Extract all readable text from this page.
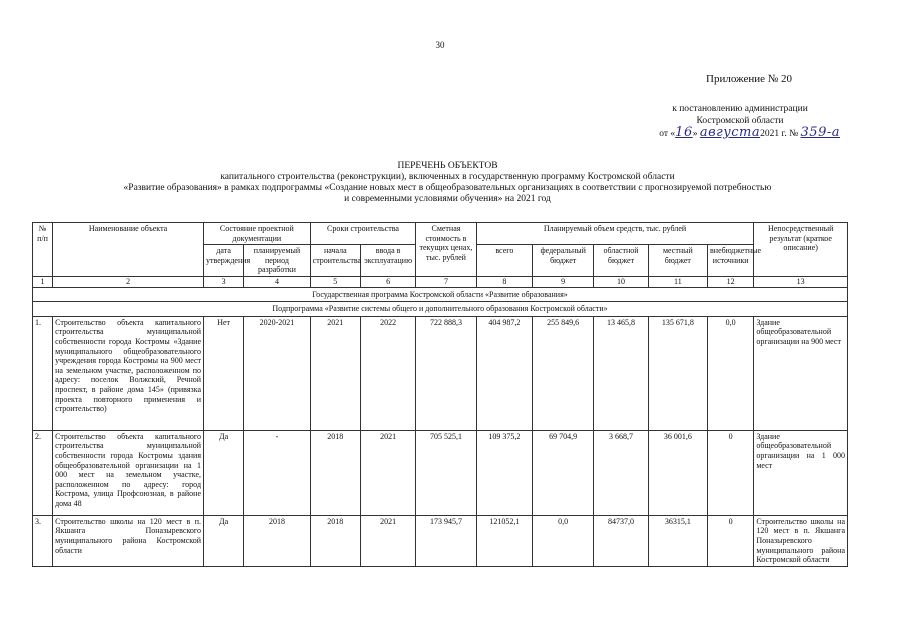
30
Приложение № 20
к постановлению администрации
Костромской области
от «16» августа2021 г. № 359-а
ПЕРЕЧЕНЬ ОБЪЕКТОВ
капитального строительства (реконструкции), включенных в государственную программу Костромской области
«Развитие образования» в рамках подпрограммы «Создание новых мест в общеобразовательных организациях в соответствии с прогнозируемой потребностью
и современными условиями обучения» на 2021 год
№ п/п	Наименование объекта	Состояние проектной документации		Сроки строительства		Сметная стоимость в текущих ценах, тыс. рублей	Планируемый объем средств, тыс. рублей					Непосредственный результат (краткое описание)
		дата утверждения	планируемый период разработки	начала строительства	ввода в эксплуатацию		всего	федеральный бюджет	областной бюджет	местный бюджет	внебюджетные источники	
1	2	3	4	5	6	7	8	9	10	11	12	13
Государственная программа Костромской области «Развитие образования»												
Подпрограмма «Развитие системы общего и дополнительного образования Костромской области»												
1.	Строительство объекта капитального строительства муниципальной собственности города Костромы «Здание муниципального общеобразовательного учреждения города Костромы на 900 мест на земельном участке, расположенном по адресу: поселок Волжский, Речной проспект, в районе дома 145» (привязка проекта повторного применения и строительство)	Нет	2020-2021	2021	2022	722 888,3	404 987,2	255 849,6	13 465,8	135 671,8	0,0	Здание общеобразовательной организации на 900 мест
2.	Строительство объекта капитального строительства муниципальной собственности города Костромы здания общеобразовательной организации на 1 000 мест на земельном участке, расположенном по адресу: город Кострома, улица Профсоюзная, в районе дома 48	Да	-	2018	2021	705 525,1	109 375,2	69 704,9	3 668,7	36 001,6	0	Здание общеобразовательной организации на 1 000 мест
3.	Строительство школы на 120 мест в п. Якшанга Поназыревского муниципального района Костромской области	Да	2018	2018	2021	173 945,7	121052,1	0,0	84737,0	36315,1	0	Строительство школы на 120 мест в п. Якшанга Поназыревского муниципального района Костромской области
